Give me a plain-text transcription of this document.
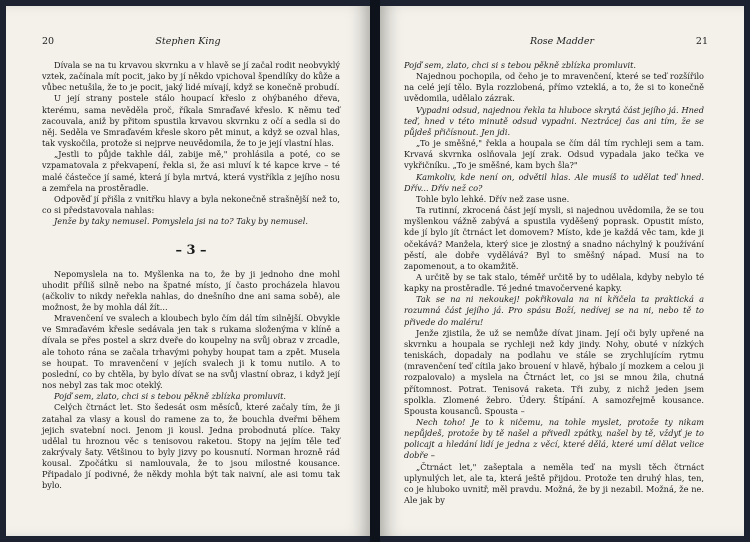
20	Stephen King

Dívala se na tu krvavou skvrnku a v hlavě se jí začal rodit neobvyklý vztek, začínala mít pocit, jako by jí někdo vpichoval špendlíky do kůže a vůbec netušila, že to je pocit, jaký lidé mívají, když se konečně probudí.

U její strany postele stálo houpací křeslo z ohýbaného dřeva, kterému, sama nevěděla proč, říkala Smraďavé křeslo. K němu teď zacouvala, aniž by přitom spustila krvavou skvrnku z očí a sedla si do něj. Seděla ve Smraďavém křesle skoro pět minut, a když se ozval hlas, tak vyskočila, protože si nejprve neuvědomila, že to je její vlastní hlas.

„Jestli to půjde takhle dál, zabije mě," prohlásila a poté, co se vzpamatovala z překvapení, řekla si, že asi mluví k té kapce krve – té malé částečce jí samé, která jí byla mrtvá, která vystříkla z jejího nosu a zemřela na prostěradle.

Odpověď jí přišla z vnitřku hlavy a byla nekonečně strašnější než to, co si představovala nahlas:

Jenže by taky nemusel. Pomyslela jsi na to? Taky by nemusel.

– 3 –

Nepomyslela na to. Myšlenka na to, že by ji jednoho dne mohl uhodit příliš silně nebo na špatné místo, jí často procházela hlavou (ačkoliv to nikdy neřekla nahlas, do dnešního dne ani sama sobě), ale možnost, že by mohla dál žít...

Mravenčení ve svalech a kloubech bylo čím dál tím silnější. Obvykle ve Smraďavém křesle sedávala jen tak s rukama složenýma v klíně a dívala se přes postel a skrz dveře do koupelny na svůj obraz v zrcadle, ale tohoto rána se začala trhavými pohyby houpat tam a zpět. Musela se houpat. To mravenčení v jejích svalech ji k tomu nutilo. A to poslední, co by chtěla, by bylo dívat se na svůj vlastní obraz, i když její nos nebyl zas tak moc oteklý.

Pojď sem, zlato, chci si s tebou pěkně zblízka promluvit.

Celých čtrnáct let. Sto šedesát osm měsíců, které začaly tím, že ji zatahal za vlasy a kousl do ramene za to, že bouchla dveřmi během jejich svatební noci. Jenom ji kousl. Jedna probodnutá plíce. Taky udělal tu hroznou věc s tenisovou raketou. Stopy na jejím těle teď zakrývaly šaty. Většinou to byly jizvy po kousnutí. Norman hrozně rád kousal. Zpočátku si namlouvala, že to jsou milostné kousance. Připadalo jí podivné, že někdy mohla být tak naivní, ale asi tomu tak bylo.

Rose Madder	21

Pojď sem, zlato, chci si s tebou pěkně zblízka promluvit.

Najednou pochopila, od čeho je to mravenčení, které se teď rozšířilo na celé její tělo. Byla rozzlobená, přímo vzteklá, a to, že si to konečně uvědomila, udělalo zázrak.

Vypadni odsud, najednou řekla ta hluboce skrytá část jejího já. Hned teď, hned v této minutě odsud vypadni. Neztrácej čas ani tím, že se půjdeš přičísnout. Jen jdi.

„To je směšné," řekla a houpala se čím dál tím rychleji sem a tam. Krvavá skvrnka oslňovala její zrak. Odsud vypadala jako tečka ve vykřičníku. „To je směšné, kam bych šla?"

Kamkoliv, kde není on, odvětil hlas. Ale musíš to udělat teď hned. Dřív... Dřív než co?

Tohle bylo lehké. Dřív než zase usne.

Ta rutinní, zkrocená část její mysli, si najednou uvědomila, že se tou myšlenkou vážně zabývá a spustila vyděšený poprask. Opustit místo, kde jí bylo jít čtrnáct let domovem? Místo, kde je každá věc tam, kde ji očekává? Manžela, který sice je zlostný a snadno náchylný k používání pěstí, ale dobře vydělává? Byl to směšný nápad. Musí na to zapomenout, a to okamžitě.

A určitě by se tak stalo, téměř určitě by to udělala, kdyby nebylo té kapky na prostěradle. Té jedné tmavočervené kapky.

Tak se na ni nekoukej! pokřikovala na ni křičela ta praktická a rozumná část jejího já. Pro spásu Boží, nedívej se na ni, nebo tě to přivede do maléru!

Jenže zjistila, že už se nemůže dívat jinam. Její oči byly upřené na skvrnku a houpala se rychleji než kdy jindy. Nohy, obuté v nízkých teniskách, dopadaly na podlahu ve stále se zrychlujícím rytmu (mravenčení teď cítila jako brouení v hlavě, hýbalo jí mozkem a celou ji rozpalovalo) a myslela na Čtrnáct let, co jsi se mnou žila, chutná přítomnost. Potrat. Tenisová raketa. Tři zuby, z nichž jeden jsem spolkla. Zlomené žebro. Údery. Štípání. A samozřejmě kousance. Spousta kousanců. Spousta –

Nech toho! Je to k ničemu, na tohle myslet, protože ty nikam nepůjdeš, protože by tě našel a přivedl zpátky, našel by tě, vždyť je to policajt a hledání lidí je jedna z věcí, které dělá, které umí dělat velice dobře –

„Čtrnáct let," zašeptala a neměla teď na mysli těch čtrnáct uplynulých let, ale ta, která ještě přijdou. Protože ten druhý hlas, ten, co je hluboko uvnitř, měl pravdu. Možná, že by ji nezabil. Možná, že ne. Ale jak by
